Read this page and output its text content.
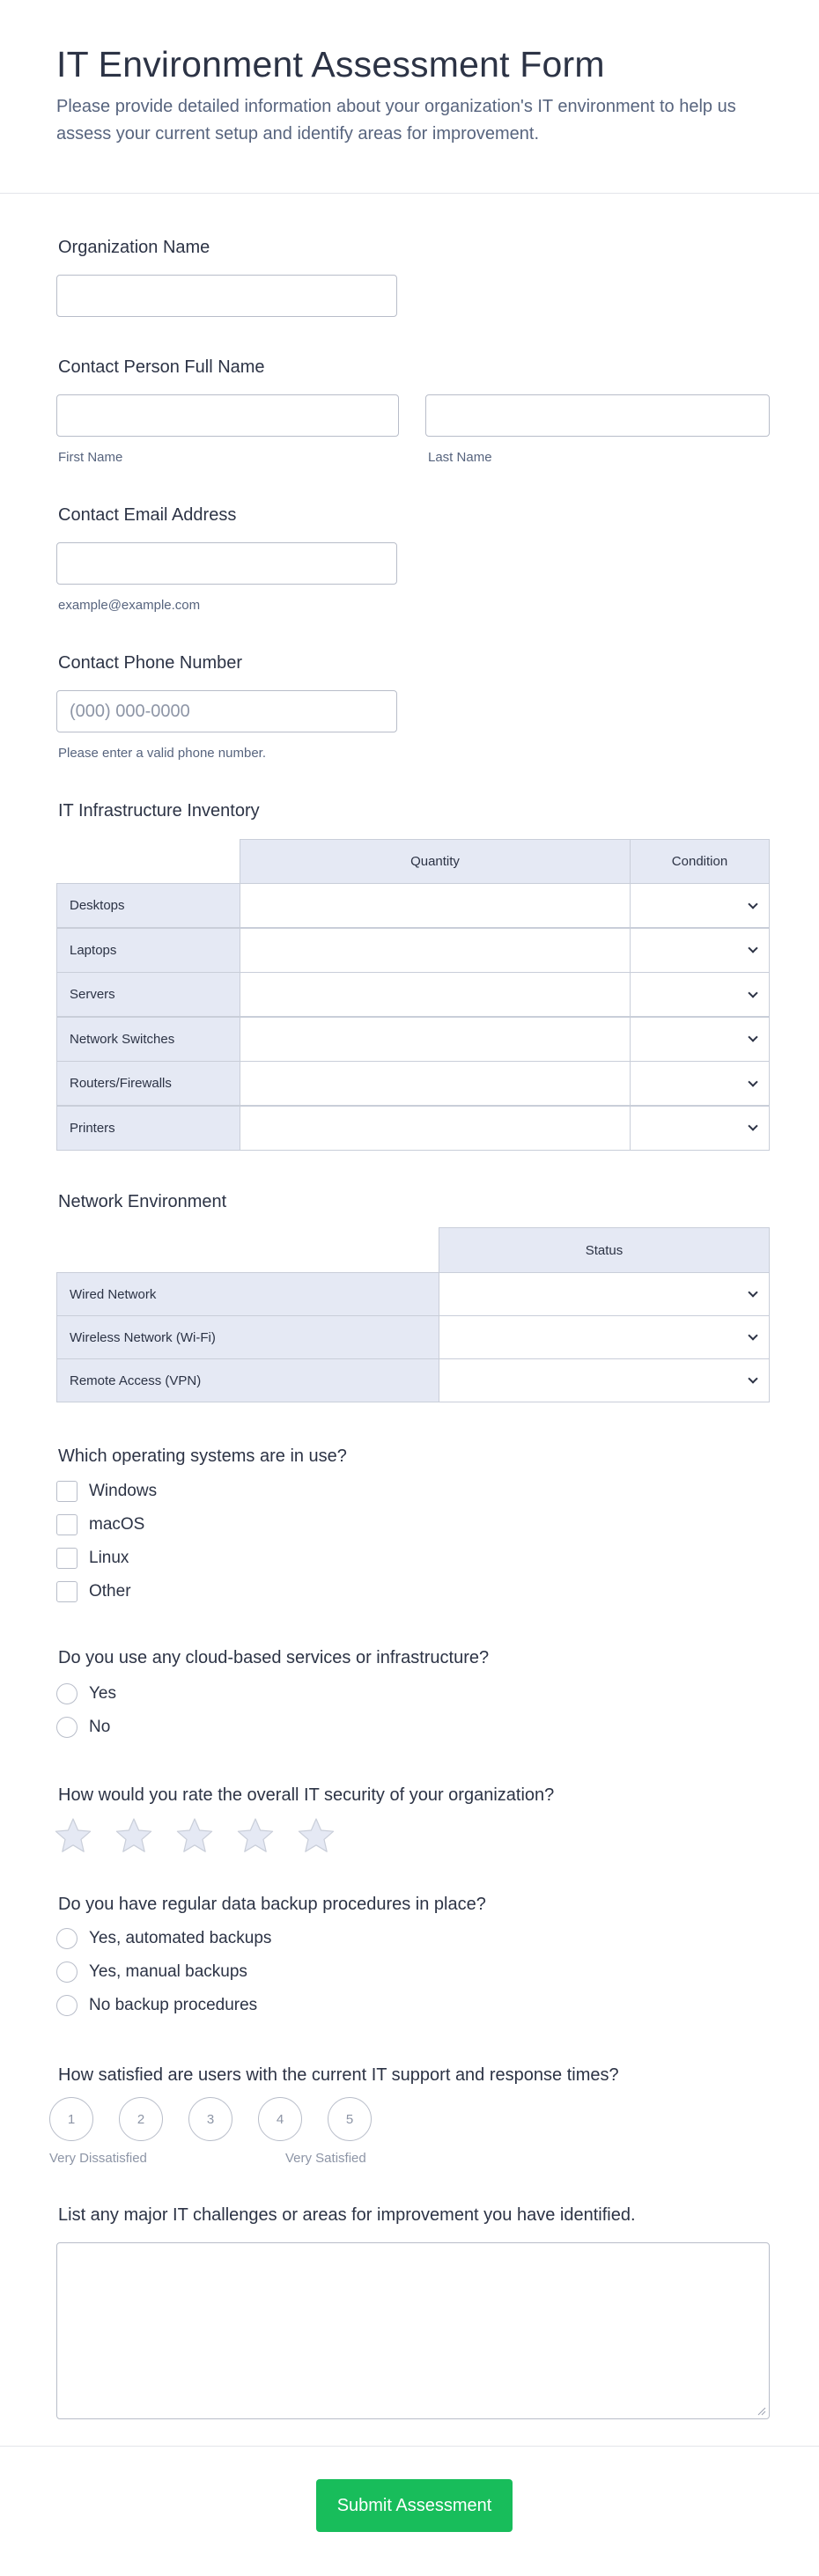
IT Environment Assessment Form
Please provide detailed information about your organization's IT environment to help us assess your current setup and identify areas for improvement.
Organization Name
Contact Person Full Name
First Name	Last Name
Contact Email Address
example@example.com
Contact Phone Number
(000) 000-0000
Please enter a valid phone number.
IT Infrastructure Inventory
Quantity	Condition
Desktops
Laptops
Servers
Network Switches
Routers/Firewalls
Printers
Network Environment
Status
Wired Network
Wireless Network (Wi-Fi)
Remote Access (VPN)
Which operating systems are in use?
Windows
macOS
Linux
Other
Do you use any cloud-based services or infrastructure?
Yes
No
How would you rate the overall IT security of your organization?
Do you have regular data backup procedures in place?
Yes, automated backups
Yes, manual backups
No backup procedures
How satisfied are users with the current IT support and response times?
1	2	3	4	5
Very Dissatisfied	Very Satisfied
List any major IT challenges or areas for improvement you have identified.
Submit Assessment
